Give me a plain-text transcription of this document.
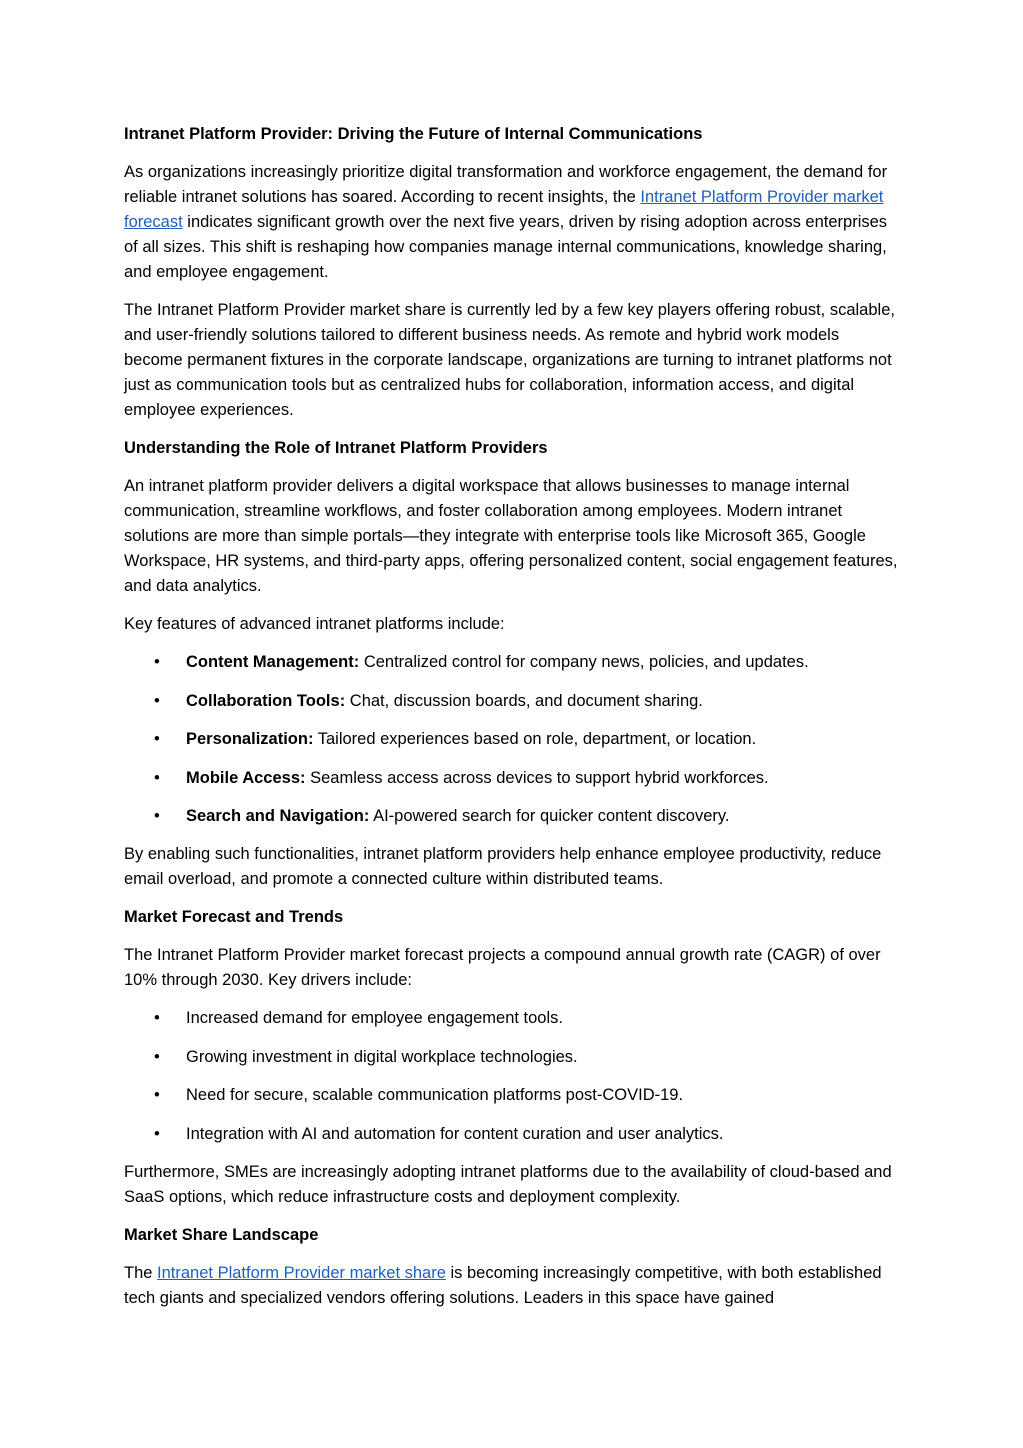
Intranet Platform Provider: Driving the Future of Internal Communications

As organizations increasingly prioritize digital transformation and workforce engagement, the demand for reliable intranet solutions has soared. According to recent insights, the Intranet Platform Provider market forecast indicates significant growth over the next five years, driven by rising adoption across enterprises of all sizes. This shift is reshaping how companies manage internal communications, knowledge sharing, and employee engagement.

The Intranet Platform Provider market share is currently led by a few key players offering robust, scalable, and user-friendly solutions tailored to different business needs. As remote and hybrid work models become permanent fixtures in the corporate landscape, organizations are turning to intranet platforms not just as communication tools but as centralized hubs for collaboration, information access, and digital employee experiences.

Understanding the Role of Intranet Platform Providers

An intranet platform provider delivers a digital workspace that allows businesses to manage internal communication, streamline workflows, and foster collaboration among employees. Modern intranet solutions are more than simple portals—they integrate with enterprise tools like Microsoft 365, Google Workspace, HR systems, and third-party apps, offering personalized content, social engagement features, and data analytics.

Key features of advanced intranet platforms include:

• Content Management: Centralized control for company news, policies, and updates.
• Collaboration Tools: Chat, discussion boards, and document sharing.
• Personalization: Tailored experiences based on role, department, or location.
• Mobile Access: Seamless access across devices to support hybrid workforces.
• Search and Navigation: AI-powered search for quicker content discovery.

By enabling such functionalities, intranet platform providers help enhance employee productivity, reduce email overload, and promote a connected culture within distributed teams.

Market Forecast and Trends

The Intranet Platform Provider market forecast projects a compound annual growth rate (CAGR) of over 10% through 2030. Key drivers include:

• Increased demand for employee engagement tools.
• Growing investment in digital workplace technologies.
• Need for secure, scalable communication platforms post-COVID-19.
• Integration with AI and automation for content curation and user analytics.

Furthermore, SMEs are increasingly adopting intranet platforms due to the availability of cloud-based and SaaS options, which reduce infrastructure costs and deployment complexity.

Market Share Landscape

The Intranet Platform Provider market share is becoming increasingly competitive, with both established tech giants and specialized vendors offering solutions. Leaders in this space have gained
